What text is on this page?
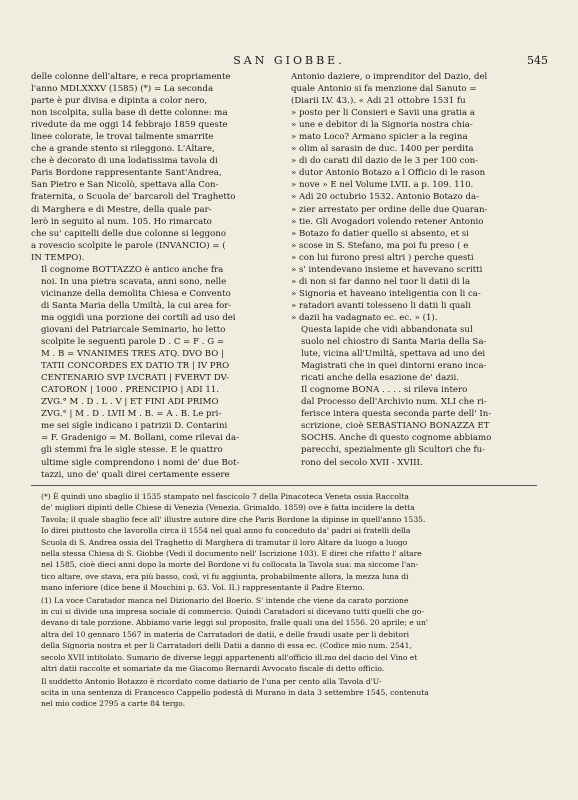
SAN GIOBBE.	545

delle colonne dell'altare, e reca propriamente
l'anno MDLXXXV (1585) (*) = La seconda
parte è pur divisa e dipinta a color nero,
non iscolpita, sulla base di dette colonne: ma
rivedute da me oggi 14 febbrajo 1859 queste
linee colorate, le trovai talmente smarrite
che a grande stento si rileggono. L'Altare,
che è decorato di una lodatissima tavola di
Paris Bordone rappresentante Sant'Andrea,
San Pietro e San Nicolò, spettava alla Con-
fraternita, o Scuola de' barcaroli del Traghetto
di Marghera e di Mestre, della quale par-
lerò in seguito al num. 105. Ho rimarcato
che su' capitelli delle due colonne si leggono
a rovescio scolpite le parole (INVANCIO) = (
IN TEMPO).

Il cognome BOTTAZZO è antico anche fra
noi. In una pietra scavata, anni sono, nelle
vicinanze della demolita Chiesa e Convento
di Santa Maria della Umiltà, la cui area for-
ma oggidì una porzione dei cortili ad uso dei
giovani del Patriarcale Seminario, ho letto
scolpite le seguenti parole D . C = F . G =
M . B = VNANIMES TRES ATQ. DVO BO |
TATII CONCORDES EX DATIO TR | IV PRO
CENTENARIO SVP LVCRATI | FVERVT DV-
CATORON | 1000 . PRENCIPIO | ADI 11.
ZVG.° M . D . L . V | ET FINI ADI PRIMO
ZVG.° | M . D . LVII M . B. = A . B. Le pri-
me sei sigle indicano i patrizii D. Contarini
= F. Gradenigo = M. Bollani, come rilevai da-
gli stemmi fra le sigle stesse. E le quattro
ultime sigle comprendono i nomi de' due Bot-
tazzi, uno de' quali direi certamente essere

Antonio daziere, o imprenditor del Dazio, del
quale Antonio si fa menzione dal Sanuto =
(Diarii LV. 43.). « Adi 21 ottobre 1531 fu
» posto per li Consieri e Savii una gratia a
» une e debitor di la Signoria nostra chia-
» mato Loco? Armano spicier a la regina
» olim al sarasin de duc. 1400 per perdita
» di do carati dil dazio de le 3 per 100 con-
» dutor Antonio Botazo a l Officio di le rason
» nove » E nel Volume LVII. a p. 109. 110.
» Adi 20 octubrio 1532. Antonio Botazo da-
» zier arrestato per ordine delle due Quaran-
» tie. Gli Avogadori volendo retener Antonio
» Botazo fo datier quello si absento, et si
» scose in S. Stefano, ma poi fu preso ( e
» con lui furono presi altri ) perche questi
» s' intendevano insieme et havevano scritti
» di non si far danno nel tuor li datii di la
» Signoria et haveano inteligentia con li ca-
» ratadori avanti tolesseno li datii li quali
» dazii ha vadagnato ec. ec. » (1).

Questa lapide che vidi abbandonata sul
suolo nel chiostro di Santa Maria della Sa-
lute, vicina all'Umiltà, spettava ad uno dei
Magistrati che in quei dintorni erano inca-
ricati anche della esazione de' dazii.

Il cognome BONA . . . . si rileva intero
dal Processo dell'Archivio num. XLI che ri-
ferisce intera questa seconda parte dell' In-
scrizione, cioè SEBASTIANO BONAZZA ET
SOCHS. Anche di questo cognome abbiamo
parecchi, spezialmente gli Scultori che fu-
rono del secolo XVII - XVIII.

(*) È quindi uno sbaglio il 1535 stampato nel fascicolo 7 della Pinacoteca Veneta ossia Raccolta
de' migliori dipinti delle Chiese di Venezia (Venezia. Grimaldo. 1859) ove è fatta incidere la detta
Tavola; il quale sbaglio fece all' illustre autore dire che Paris Bordone la dipinse in quell'anno 1535.
Io direi piuttosto che lavorolla circa il 1554 nel qual anno fu conceduto da' padri ai fratelli della
Scuola di S. Andrea ossia del Traghetto di Marghera di tramutar il loro Altare da luogo a luogo
nella stessa Chiesa di S. Giobbe (Vedi il documento nell' Iscrizione 103). E direi che rifatto l' altare
nel 1585, cioè dieci anni dopo la morte del Bordone vi fu collocata la Tavola sua: ma siccome l'an-
tico altare, ove stava, era più basso, così, vi fu aggiunta, probabilmente allora, la mezza luna di
mano inferiore (dice bene il Moschini p. 63. Vol. II.) rappresentante il Padre Eterno.

(1) La voce Caratador manca nel Dizionario del Boerio. S' intende che viene da carato porzione
in cui si divide una impresa sociale di commercio. Quindi Caratadori si dicevano tutti quelli che go-
devano di tale porzione. Abbiamo varie leggi sul proposito, fralle quali una del 1556. 20 aprile; e un'
altra del 10 gennaro 1567 in materia de Carratadori de datii, e delle fraudi usate per li debitori
della Signoria nostra et per li Carratadori delli Datii a danno di essa ec. (Codice mio num. 2541,
secolo XVII intitolato. Sumario de diverse leggi appartenenti all'officio ill.mo del dacio del Vino et
altri datii raccolte et somariate da me Giacomo Bernardi Avvocato fiscale di detto officio.

Il suddetto Antonio Botazzo è ricordato come datiario de l'una per cento alla Tavola d'U-
scita in una sentenza di Francesco Cappello podestà di Murano in data 3 settembre 1545, contenuta
nel mio codice 2795 a carte 84 tergo.
